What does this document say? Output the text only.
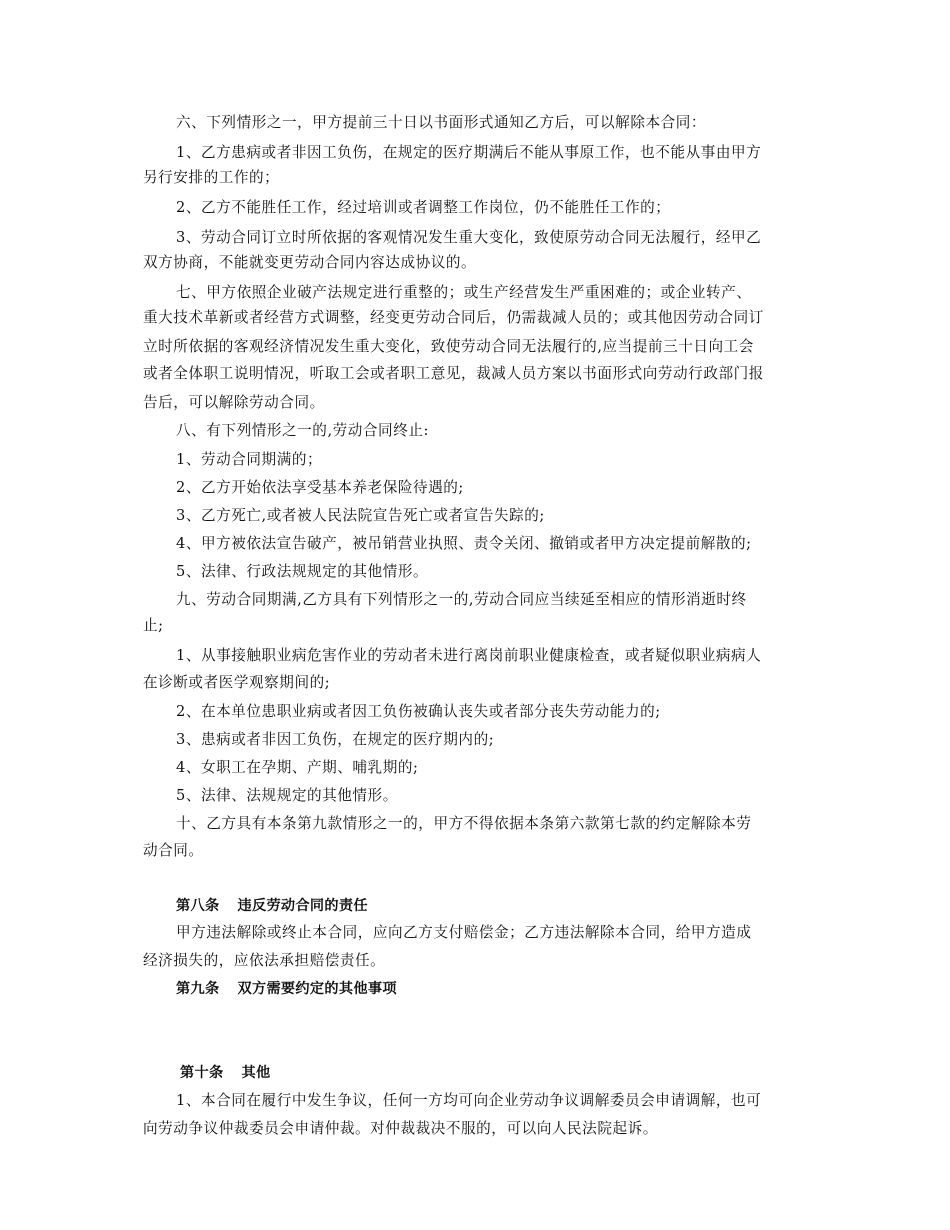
六、下列情形之一，甲方提前三十日以书面形式通知乙方后，可以解除本合同：
1、乙方患病或者非因工负伤，在规定的医疗期满后不能从事原工作，也不能从事由甲方
另行安排的工作的；
2、乙方不能胜任工作，经过培训或者调整工作岗位，仍不能胜任工作的；
3、劳动合同订立时所依据的客观情况发生重大变化，致使原劳动合同无法履行，经甲乙
双方协商，不能就变更劳动合同内容达成协议的。
七、甲方依照企业破产法规定进行重整的；或生产经营发生严重困难的；或企业转产、
重大技术革新或者经营方式调整，经变更劳动合同后，仍需裁减人员的；或其他因劳动合同订
立时所依据的客观经济情况发生重大变化，致使劳动合同无法履行的,应当提前三十日向工会
或者全体职工说明情况，听取工会或者职工意见，裁减人员方案以书面形式向劳动行政部门报
告后，可以解除劳动合同。
八、有下列情形之一的,劳动合同终止:
1、劳动合同期满的；
2、乙方开始依法享受基本养老保险待遇的;
3、乙方死亡,或者被人民法院宣告死亡或者宣告失踪的;
4、甲方被依法宣告破产，被吊销营业执照、责令关闭、撤销或者甲方决定提前解散的;
5、法律、行政法规规定的其他情形。
九、劳动合同期满,乙方具有下列情形之一的,劳动合同应当续延至相应的情形消逝时终
止;
1、从事接触职业病危害作业的劳动者未进行离岗前职业健康检查，或者疑似职业病病人
在诊断或者医学观察期间的;
2、在本单位患职业病或者因工负伤被确认丧失或者部分丧失劳动能力的;
3、患病或者非因工负伤，在规定的医疗期内的;
4、女职工在孕期、产期、哺乳期的;
5、法律、法规规定的其他情形。
十、乙方具有本条第九款情形之一的，甲方不得依据本条第六款第七款的约定解除本劳
动合同。
第八条 违反劳动合同的责任
甲方违法解除或终止本合同，应向乙方支付赔偿金；乙方违法解除本合同，给甲方造成
经济损失的，应依法承担赔偿责任。
第九条 双方需要约定的其他事项
第十条 其他
1、本合同在履行中发生争议，任何一方均可向企业劳动争议调解委员会申请调解，也可
向劳动争议仲裁委员会申请仲裁。对仲裁裁决不服的，可以向人民法院起诉。
